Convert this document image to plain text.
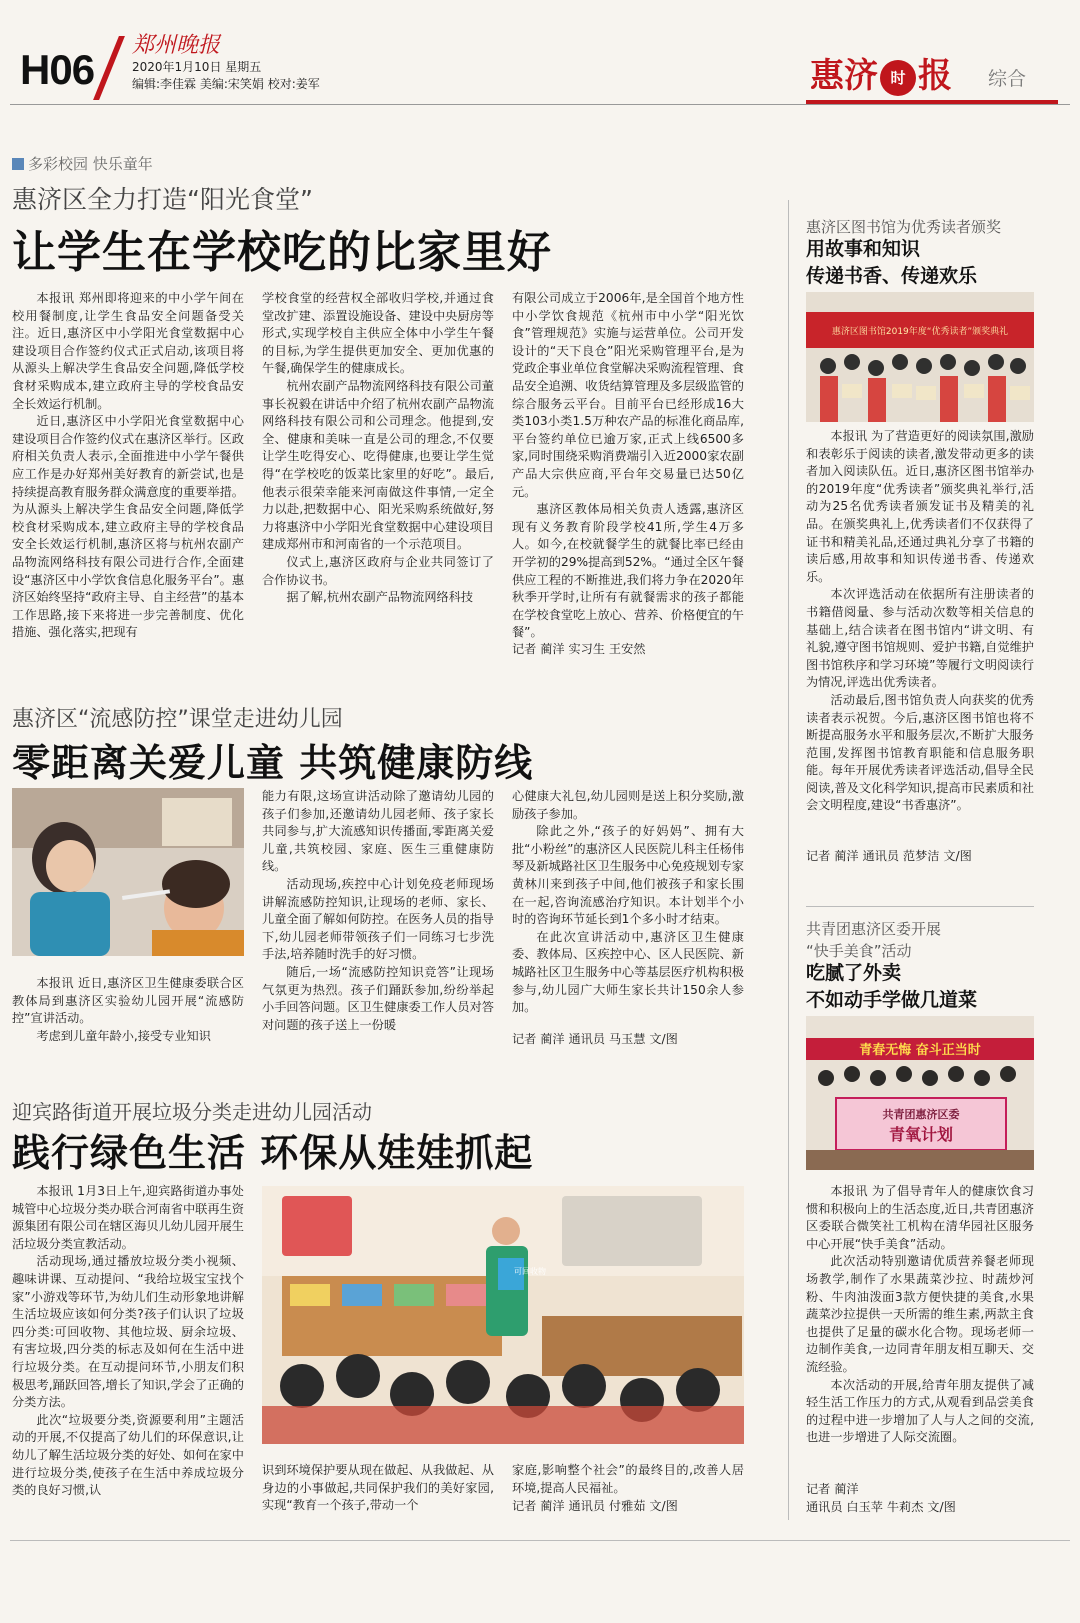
H06
郑州晚报
2020年1月10日 星期五
编辑:李佳霖 美编:宋笑娟 校对:姜军	惠济 时 报 综合
多彩校园 快乐童年
惠济区全力打造“阳光食堂”
让学生在学校吃的比家里好

本报讯 郑州即将迎来的中小学午间在校用餐制度,让学生食品安全问题备受关注。近日,惠济区中小学阳光食堂数据中心建设项目合作签约仪式正式启动,该项目将从源头上解决学生食品安全问题,降低学校食材采购成本,建立政府主导的学校食品安全长效运行机制。

近日,惠济区中小学阳光食堂数据中心建设项目合作签约仪式在惠济区举行。区政府相关负责人表示,全面推进中小学午餐供应工作是办好郑州美好教育的新尝试,也是持续提高教育服务群众满意度的重要举措。为从源头上解决学生食品安全问题,降低学校食材采购成本,建立政府主导的学校食品安全长效运行机制,惠济区将与杭州农副产品物流网络科技有限公司进行合作,全面建设“惠济区中小学饮食信息化服务平台”。惠济区始终坚持“政府主导、自主经营”的基本工作思路,接下来将进一步完善制度、优化措施、强化落实,把现有

学校食堂的经营权全部收归学校,并通过食堂改扩建、添置设施设备、建设中央厨房等形式,实现学校自主供应全体中小学生午餐的目标,为学生提供更加安全、更加优惠的午餐,确保学生的健康成长。

杭州农副产品物流网络科技有限公司董事长祝毅在讲话中介绍了杭州农副产品物流网络科技有限公司和公司理念。他提到,安全、健康和美味一直是公司的理念,不仅要让学生吃得安心、吃得健康,也要让学生觉得“在学校吃的饭菜比家里的好吃”。最后,他表示很荣幸能来河南做这件事情,一定全力以赴,把数据中心、阳光采购系统做好,努力将惠济中小学阳光食堂数据中心建设项目建成郑州市和河南省的一个示范项目。

仪式上,惠济区政府与企业共同签订了合作协议书。

据了解,杭州农副产品物流网络科技

有限公司成立于2006年,是全国首个地方性中小学饮食规范《杭州市中小学“阳光饮食”管理规范》实施与运营单位。公司开发设计的“天下良仓”阳光采购管理平台,是为党政企事业单位食堂解决采购流程管理、食品安全追溯、收货结算管理及多层级监管的综合服务云平台。目前平台已经形成16大类103小类1.5万种农产品的标准化商品库,平台签约单位已逾万家,正式上线6500多家,同时围绕采购消费端引入近2000家农副产品大宗供应商,平台年交易量已达50亿元。

惠济区教体局相关负责人透露,惠济区现有义务教育阶段学校41所,学生4万多人。如今,在校就餐学生的就餐比率已经由开学初的29%提高到52%。“通过全区午餐供应工程的不断推进,我们将力争在2020年秋季开学时,让所有有就餐需求的孩子都能在学校食堂吃上放心、营养、价格便宜的午餐”。

记者 蔺洋 实习生 王安然
惠济区“流感防控”课堂走进幼儿园
零距离关爱儿童 共筑健康防线

本报讯 近日,惠济区卫生健康委联合区教体局到惠济区实验幼儿园开展“流感防控”宣讲活动。

考虑到儿童年龄小,接受专业知识

能力有限,这场宣讲活动除了邀请幼儿园的孩子们参加,还邀请幼儿园老师、孩子家长共同参与,扩大流感知识传播面,零距离关爱儿童,共筑校园、家庭、医生三重健康防线。

活动现场,疾控中心计划免疫老师现场讲解流感防控知识,让现场的老师、家长、儿童全面了解如何防控。在医务人员的指导下,幼儿园老师带领孩子们一同练习七步洗手法,培养随时洗手的好习惯。

随后,一场“流感防控知识竞答”让现场气氛更为热烈。孩子们踊跃参加,纷纷举起小手回答问题。区卫生健康委工作人员对答对问题的孩子送上一份暖

心健康大礼包,幼儿园则是送上积分奖励,激励孩子参加。

除此之外,“孩子的好妈妈”、拥有大批“小粉丝”的惠济区人民医院儿科主任杨伟琴及新城路社区卫生服务中心免疫规划专家黄林川来到孩子中间,他们被孩子和家长围在一起,咨询流感治疗知识。本计划半个小时的咨询环节延长到1个多小时才结束。

在此次宣讲活动中,惠济区卫生健康委、教体局、区疾控中心、区人民医院、新城路社区卫生服务中心等基层医疗机构积极参与,幼儿园广大师生家长共计150余人参加。

记者 蔺洋 通讯员 马玉慧 文/图
迎宾路街道开展垃圾分类走进幼儿园活动
践行绿色生活 环保从娃娃抓起

本报讯 1月3日上午,迎宾路街道办事处城管中心垃圾分类办联合河南省中联再生资源集团有限公司在辖区海贝儿幼儿园开展生活垃圾分类宣教活动。

活动现场,通过播放垃圾分类小视频、趣味讲课、互动提问、“我给垃圾宝宝找个家”小游戏等环节,为幼儿们生动形象地讲解生活垃圾应该如何分类?孩子们认识了垃圾四分类:可回收物、其他垃圾、厨余垃圾、有害垃圾,四分类的标志及如何在生活中进行垃圾分类。在互动提问环节,小朋友们积极思考,踊跃回答,增长了知识,学会了正确的分类方法。

此次“垃圾要分类,资源要利用”主题活动的开展,不仅提高了幼儿们的环保意识,让幼儿了解生活垃圾分类的好处、如何在家中进行垃圾分类,使孩子在生活中养成垃圾分类的良好习惯,认

可回收物

识到环境保护要从现在做起、从我做起、从身边的小事做起,共同保护我们的美好家园,实现“教育一个孩子,带动一个

家庭,影响整个社会”的最终目的,改善人居环境,提高人民福祉。

记者 蔺洋 通讯员 付雅茹 文/图
惠济区图书馆为优秀读者颁奖
用故事和知识
传递书香、传递欢乐
惠济区图书馆2019年度“优秀读者”颁奖典礼

本报讯 为了营造更好的阅读氛围,激励和表彰乐于阅读的读者,激发带动更多的读者加入阅读队伍。近日,惠济区图书馆举办的2019年度“优秀读者”颁奖典礼举行,活动为25名优秀读者颁发证书及精美的礼品。在颁奖典礼上,优秀读者们不仅获得了证书和精美礼品,还通过典礼分享了书籍的读后感,用故事和知识传递书香、传递欢乐。

本次评选活动在依据所有注册读者的书籍借阅量、参与活动次数等相关信息的基础上,结合读者在图书馆内“讲文明、有礼貌,遵守图书馆规则、爱护书籍,自觉维护图书馆秩序和学习环境”等履行文明阅读行为情况,评选出优秀读者。

活动最后,图书馆负责人向获奖的优秀读者表示祝贺。今后,惠济区图书馆也将不断提高服务水平和服务层次,不断扩大服务范围,发挥图书馆教育职能和信息服务职能。每年开展优秀读者评选活动,倡导全民阅读,普及文化科学知识,提高市民素质和社会文明程度,建设“书香惠济”。

记者 蔺洋 通讯员 范梦洁 文/图
共青团惠济区委开展
“快手美食”活动
吃腻了外卖
不如动手学做几道菜
青春无悔 奋斗正当时
共青团惠济区委
青氧计划

本报讯 为了倡导青年人的健康饮食习惯和积极向上的生活态度,近日,共青团惠济区委联合微笑社工机构在清华园社区服务中心开展“快手美食”活动。

此次活动特别邀请优质营养餐老师现场教学,制作了水果蔬菜沙拉、时蔬炒河粉、牛肉油泼面3款方便快捷的美食,水果蔬菜沙拉提供一天所需的维生素,两款主食也提供了足量的碳水化合物。现场老师一边制作美食,一边同青年朋友相互聊天、交流经验。

本次活动的开展,给青年朋友提供了减轻生活工作压力的方式,从观看到品尝美食的过程中进一步增加了人与人之间的交流,也进一步增进了人际交流圈。

记者 蔺洋
通讯员 白玉苹 牛莉杰 文/图
